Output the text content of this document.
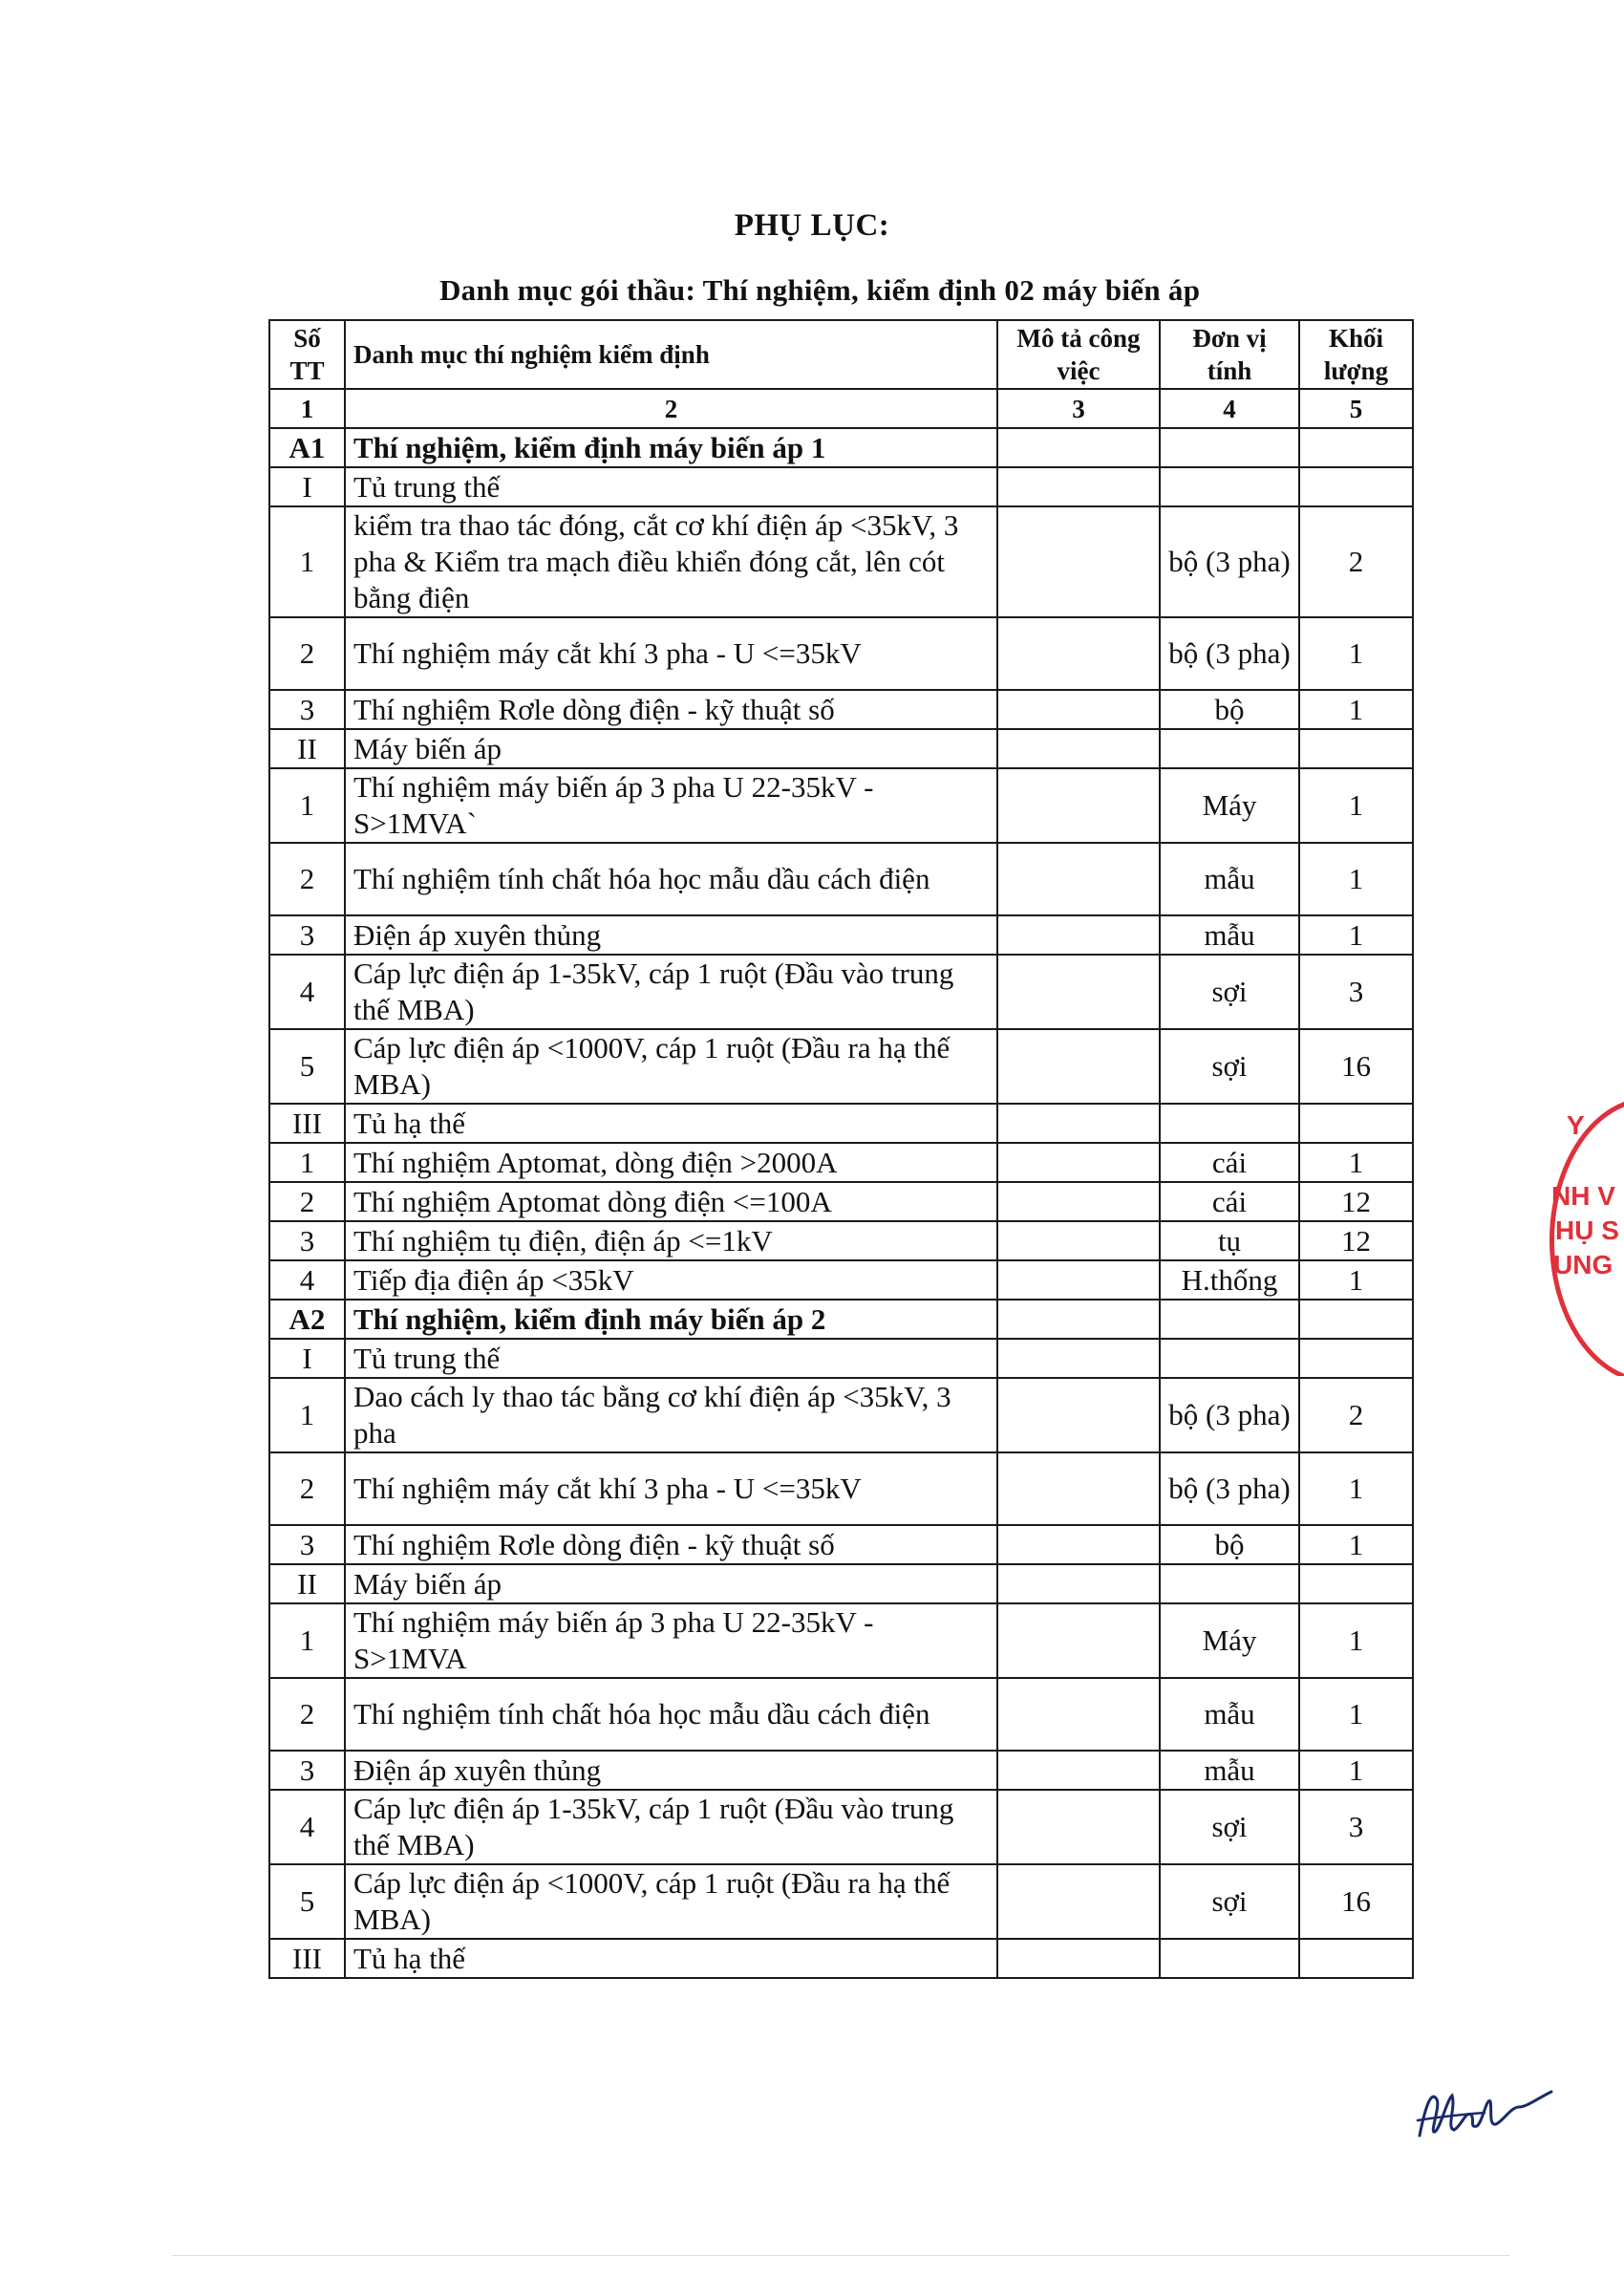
PHỤ LỤC:
Danh mục gói thầu: Thí nghiệm, kiểm định 02 máy biến áp
Số TT	Danh mục thí nghiệm kiểm định	Mô tả công việc	Đơn vị tính	Khối lượng
1	2	3	4	5
A1	Thí nghiệm, kiểm định máy biến áp 1			
I	Tủ trung thế			
1	kiểm tra thao tác đóng, cắt cơ khí điện áp <35kV, 3 pha & Kiểm tra mạch điều khiển đóng cắt, lên cót bằng điện		bộ (3 pha)	2
2	Thí nghiệm máy cắt khí 3 pha - U <=35kV		bộ (3 pha)	1
3	Thí nghiệm Rơle dòng điện - kỹ thuật số		bộ	1
II	Máy biến áp			
1	Thí nghiệm máy biến áp 3 pha U 22-35kV - S>1MVA`		Máy	1
2	Thí nghiệm tính chất hóa học mẫu dầu cách điện		mẫu	1
3	Điện áp xuyên thủng		mẫu	1
4	Cáp lực điện áp 1-35kV, cáp 1 ruột (Đầu vào trung thế MBA)		sợi	3
5	Cáp lực điện áp <1000V, cáp 1 ruột (Đầu ra hạ thế MBA)		sợi	16
III	Tủ hạ thế			
1	Thí nghiệm Aptomat, dòng điện >2000A		cái	1
2	Thí nghiệm Aptomat dòng điện <=100A		cái	12
3	Thí nghiệm tụ điện, điện áp <=1kV		tụ	12
4	Tiếp địa điện áp <35kV		H.thống	1
A2	Thí nghiệm, kiểm định máy biến áp 2			
I	Tủ trung thế			
1	Dao cách ly thao tác bằng cơ khí điện áp <35kV, 3 pha		bộ (3 pha)	2
2	Thí nghiệm máy cắt khí 3 pha - U <=35kV		bộ (3 pha)	1
3	Thí nghiệm Rơle dòng điện - kỹ thuật số		bộ	1
II	Máy biến áp			
1	Thí nghiệm máy biến áp 3 pha U 22-35kV - S>1MVA		Máy	1
2	Thí nghiệm tính chất hóa học mẫu dầu cách điện		mẫu	1
3	Điện áp xuyên thủng		mẫu	1
4	Cáp lực điện áp 1-35kV, cáp 1 ruột (Đầu vào trung thế MBA)		sợi	3
5	Cáp lực điện áp <1000V, cáp 1 ruột (Đầu ra hạ thế MBA)		sợi	16
III	Tủ hạ thế			
Y
NH V
HỤ S
UNG
